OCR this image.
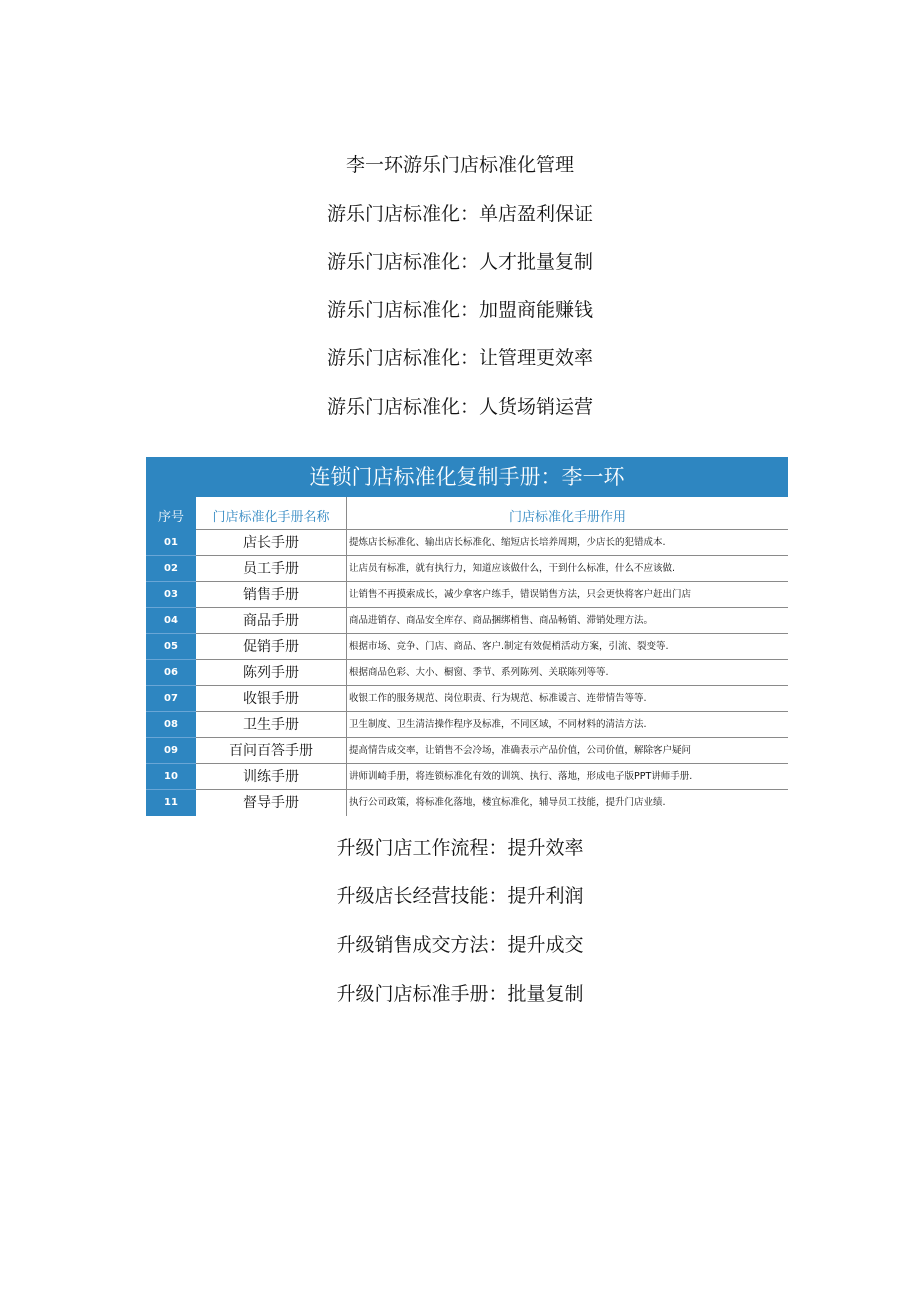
李一环游乐门店标准化管理
游乐门店标准化：单店盈利保证
游乐门店标准化：人才批量复制
游乐门店标准化：加盟商能赚钱
游乐门店标准化：让管理更效率
游乐门店标准化：人货场销运营
连锁门店标准化复制手册：李一环
序号	门店标准化手册名称	门店标准化手册作用
01	店长手册	提炼店长标准化、输出店长标准化、缩短店长培养周期，少店长的犯错成本.
02	员工手册	让店员有标准，就有执行力，知道应该做什么，干到什么标准，什么不应该做.
03	销售手册	让销售不再摸索成长，减少拿客户练手，错误销售方法，只会更快将客户赶出门店
04	商品手册	商品进销存、商品安全库存、商品捆绑梢售、商品畅销、滞销处理方法。
05	促销手册	根据市场、竞争、门店、商品、客户.制定有效促梢活动方案，引流、裂变等.
06	陈列手册	根据商品色彩、大小、橱窗、季节、系列陈列、关联陈列等等.
07	收银手册	收银工作的服务规范、岗位职责、行为规范、标准谖言、连带情告等等.
08	卫生手册	卫生制度、卫生清洁操作程序及标准，不同区域，不同材料的清洁方法.
09	百问百答手册	提高情告成交率，让销售不会冷场，准确表示产品价值，公司价值，解除客户疑问
10	训练手册	讲师训崎手册，将连锁标准化有效的训筑、执行、落地，形成电子版PPT讲师手册.
11	督导手册	执行公司政策，将标准化落地，楼宜标准化，辅导员工技能，提升门店业绩.
升级门店工作流程：提升效率
升级店长经营技能：提升利润
升级销售成交方法：提升成交
升级门店标准手册：批量复制
